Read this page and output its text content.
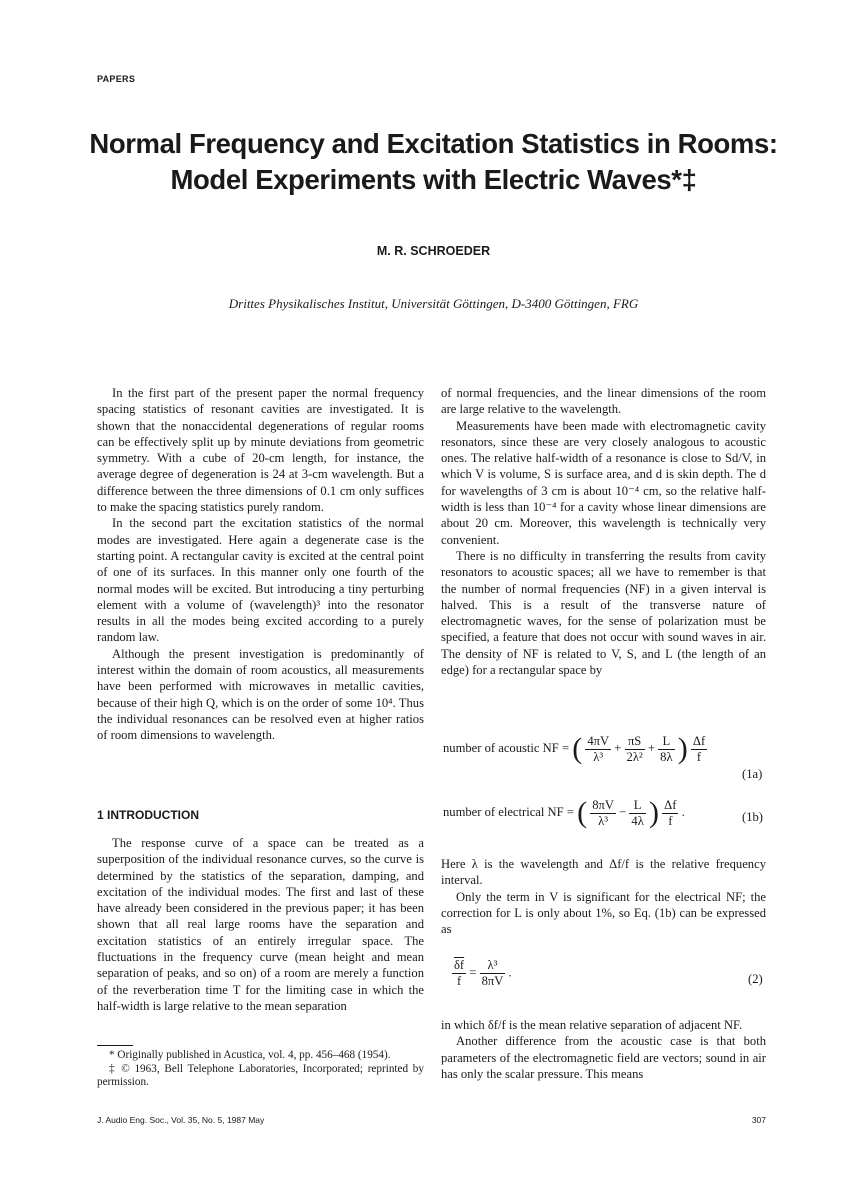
PAPERS
Normal Frequency and Excitation Statistics in Rooms: Model Experiments with Electric Waves*‡
M. R. SCHROEDER
Drittes Physikalisches Institut, Universität Göttingen, D-3400 Göttingen, FRG

In the first part of the present paper the normal frequency spacing statistics of resonant cavities are investigated. It is shown that the nonaccidental degenerations of regular rooms can be effectively split up by minute deviations from geometric symmetry. With a cube of 20-cm length, for instance, the average degree of degeneration is 24 at 3-cm wavelength. But a difference between the three dimensions of 0.1 cm only suffices to make the spacing statistics purely random.

In the second part the excitation statistics of the normal modes are investigated. Here again a degenerate case is the starting point. A rectangular cavity is excited at the central point of one of its surfaces. In this manner only one fourth of the normal modes will be excited. But introducing a tiny perturbing element with a volume of (wavelength)³ into the resonator results in all the modes being excited according to a purely random law.

Although the present investigation is predominantly of interest within the domain of room acoustics, all measurements have been performed with microwaves in metallic cavities, because of their high Q, which is on the order of some 10⁴. Thus the individual resonances can be resolved even at higher ratios of room dimensions to wavelength.

1 INTRODUCTION

The response curve of a space can be treated as a superposition of the individual resonance curves, so the curve is determined by the statistics of the separation, damping, and excitation of the individual modes. The first and last of these have already been considered in the previous paper; it has been shown that all real large rooms have the separation and excitation statistics of an entirely irregular space. The fluctuations in the frequency curve (mean height and mean separation of peaks, and so on) of a room are merely a function of the reverberation time T for the limiting case in which the half-width is large relative to the mean separation

* Originally published in Acustica, vol. 4, pp. 456–468 (1954).

‡ © 1963, Bell Telephone Laboratories, Incorporated; reprinted by permission.

of normal frequencies, and the linear dimensions of the room are large relative to the wavelength.

Measurements have been made with electromagnetic cavity resonators, since these are very closely analogous to acoustic ones. The relative half-width of a resonance is close to Sd/V, in which V is volume, S is surface area, and d is skin depth. The d for wavelengths of 3 cm is about 10⁻⁴ cm, so the relative half-width is less than 10⁻⁴ for a cavity whose linear dimensions are about 20 cm. Moreover, this wavelength is technically very convenient.

There is no difficulty in transferring the results from cavity resonators to acoustic spaces; all we have to remember is that the number of normal frequencies (NF) in a given interval is halved. This is a result of the transverse nature of electromagnetic waves, for the sense of polarization must be specified, a feature that does not occur with sound waves in air. The density of NF is related to V, S, and L (the length of an edge) for a rectangular space by

number of acoustic NF = ( $\frac{4\pi V}{\text{λ³}} + \frac{\pi S}{\text{2λ²}} + \frac{L}{8\lambda}$ ) $\frac{\Delta f}{f}$
(1a)
number of electrical NF = ( $\frac{8\pi V}{\text{λ³}} - \frac{L}{4\lambda}$ ) $\frac{\Delta f}{f}$ .	(1b)

Here λ is the wavelength and Δf/f is the relative frequency interval.

Only the term in V is significant for the electrical NF; the correction for L is only about 1%, so Eq. (1b) can be expressed as

$\frac{\overline{\delta f}}{f} = \frac{\text{λ³}}{8\pi V}$ .	(2)

in which δf/f is the mean relative separation of adjacent NF.

Another difference from the acoustic case is that both parameters of the electromagnetic field are vectors; sound in air has only the scalar pressure. This means

J. Audio Eng. Soc., Vol. 35, No. 5, 1987 May	307
